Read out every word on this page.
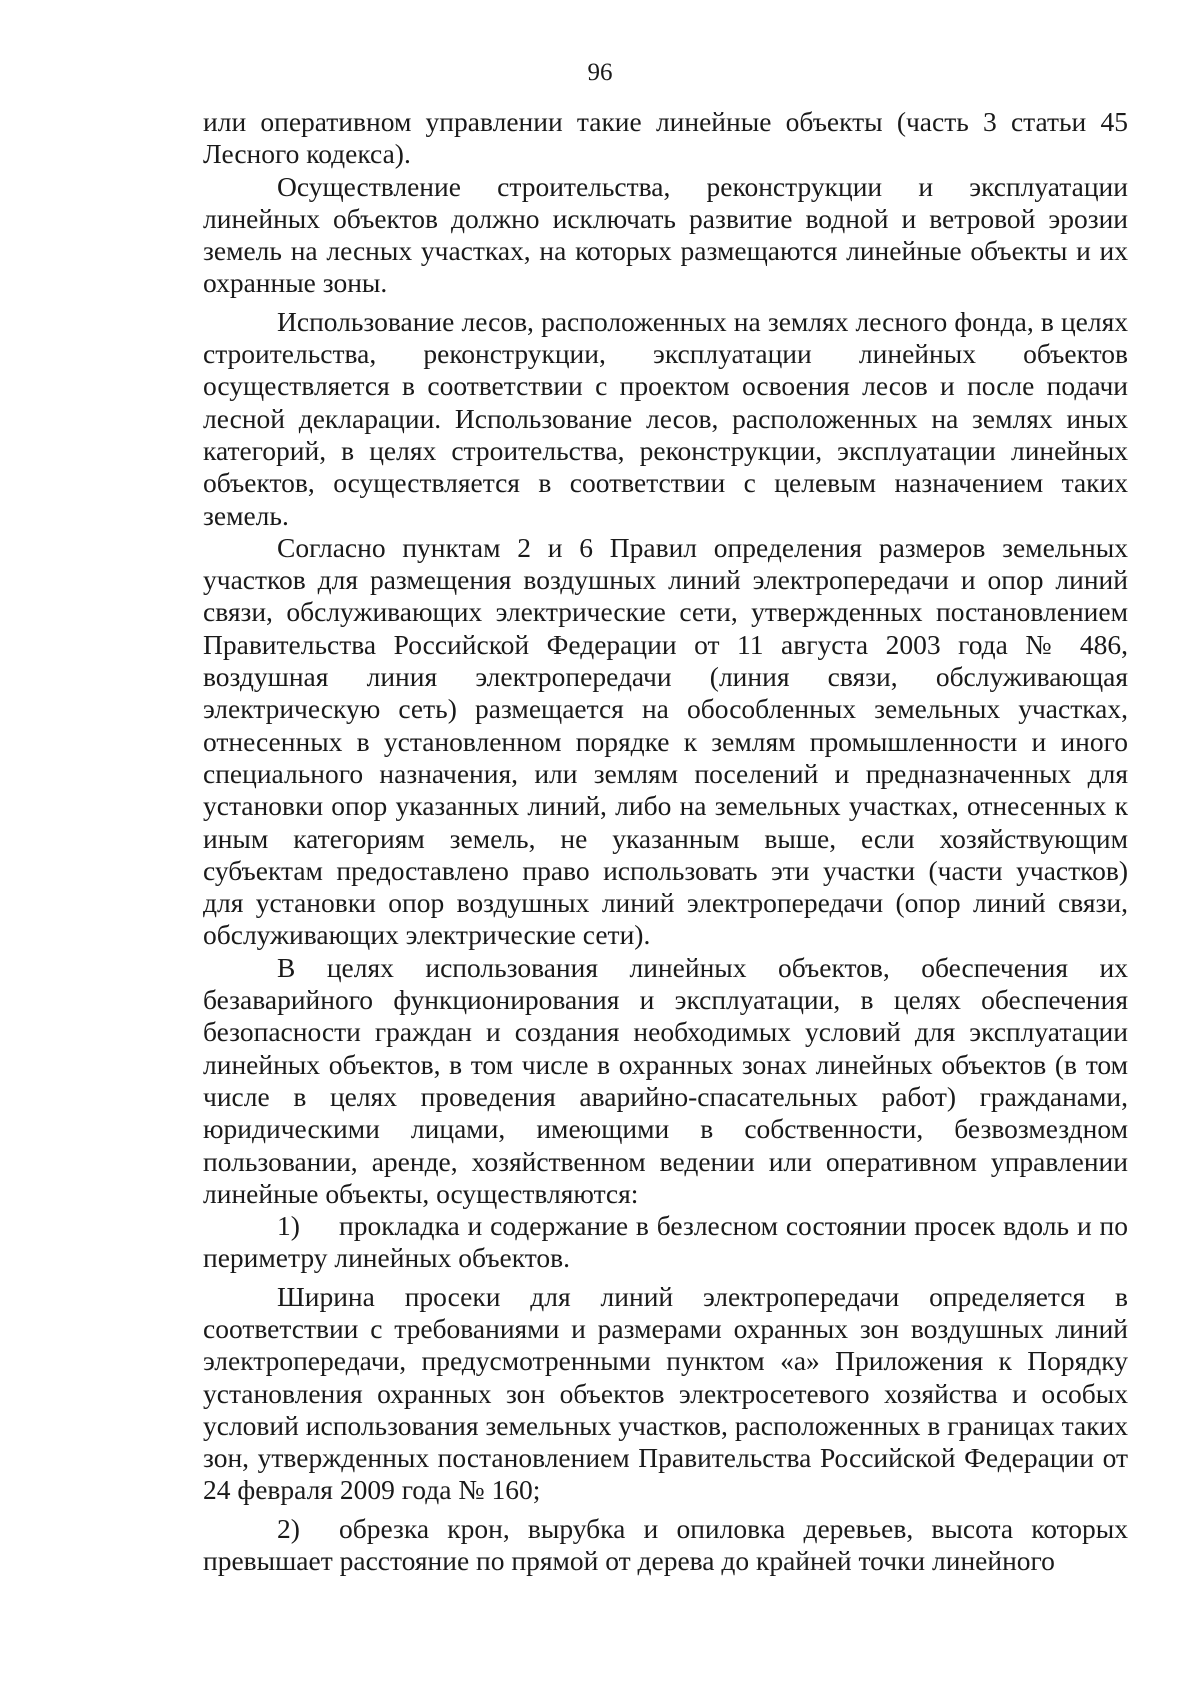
96

или оперативном управлении такие линейные объекты (часть 3 статьи 45 Лесного кодекса).

Осуществление строительства, реконструкции и эксплуатации линейных объектов должно исключать развитие водной и ветровой эрозии земель на лесных участках, на которых размещаются линейные объекты и их охранные зоны.

Использование лесов, расположенных на землях лесного фонда, в целях строительства, реконструкции, эксплуатации линейных объектов осуществляется в соответствии с проектом освоения лесов и после подачи лесной декларации. Использование лесов, расположенных на землях иных категорий, в целях строительства, реконструкции, эксплуатации линейных объектов, осуществляется в соответствии с целевым назначением таких земель.

Согласно пунктам 2 и 6 Правил определения размеров земельных участков для размещения воздушных линий электропередачи и опор линий связи, обслуживающих электрические сети, утвержденных постановлением Правительства Российской Федерации от 11 августа 2003 года № 486, воздушная линия электропередачи (линия связи, обслуживающая электрическую сеть) размещается на обособленных земельных участках, отнесенных в установленном порядке к землям промышленности и иного специального назначения, или землям поселений и предназначенных для установки опор указанных линий, либо на земельных участках, отнесенных к иным категориям земель, не указанным выше, если хозяйствующим субъектам предоставлено право использовать эти участки (части участков) для установки опор воздушных линий электропередачи (опор линий связи, обслуживающих электрические сети).

В целях использования линейных объектов, обеспечения их безаварийного функционирования и эксплуатации, в целях обеспечения безопасности граждан и создания необходимых условий для эксплуатации линейных объектов, в том числе в охранных зонах линейных объектов (в том числе в целях проведения аварийно-спасательных работ) гражданами, юридическими лицами, имеющими в собственности, безвозмездном пользовании, аренде, хозяйственном ведении или оперативном управлении линейные объекты, осуществляются:

1) прокладка и содержание в безлесном состоянии просек вдоль и по периметру линейных объектов.

Ширина просеки для линий электропередачи определяется в соответствии с требованиями и размерами охранных зон воздушных линий электропередачи, предусмотренными пунктом «а» Приложения к Порядку установления охранных зон объектов электросетевого хозяйства и особых условий использования земельных участков, расположенных в границах таких зон, утвержденных постановлением Правительства Российской Федерации от 24 февраля 2009 года № 160;

2) обрезка крон, вырубка и опиловка деревьев, высота которых превышает расстояние по прямой от дерева до крайней точки линейного
